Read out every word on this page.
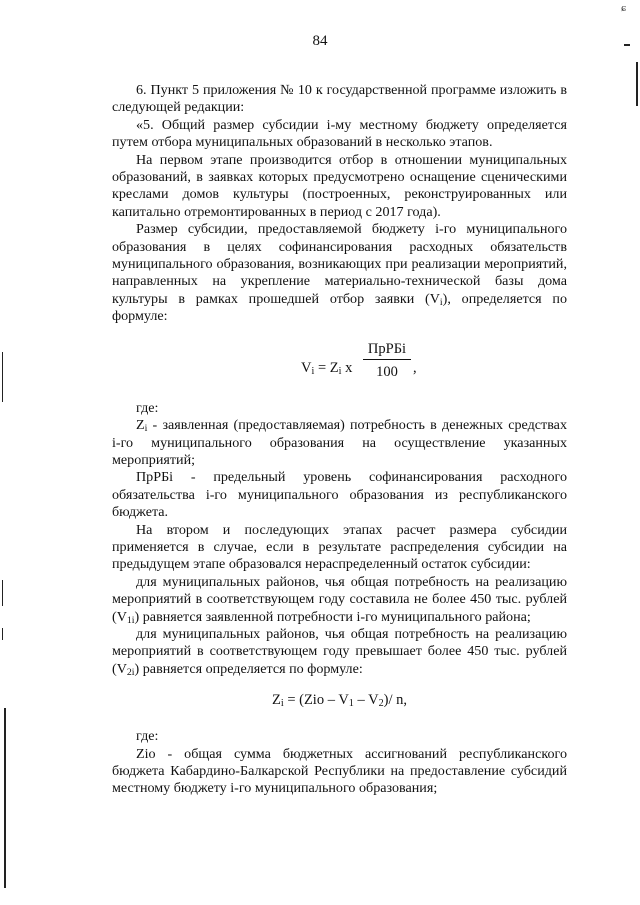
84
ɕ

6. Пункт 5 приложения № 10 к государственной программе изложить в следующей редакции:

«5. Общий размер субсидии i-му местному бюджету определяется путем отбора муниципальных образований в несколько этапов.

На первом этапе производится отбор в отношении муниципальных образований, в заявках которых предусмотрено оснащение сценическими креслами домов культуры (построенных, реконструированных или капитально отремонтированных в период с 2017 года).

Размер субсидии, предоставляемой бюджету i-го муниципального образования в целях софинансирования расходных обязательств муниципального образования, возникающих при реализации мероприятий, направленных на укрепление материально-технической базы дома культуры в рамках прошедшей отбор заявки $(V_i)$, определяется по формуле:

$V_i = Z_i$ x
ПрРБi
100	,

где:

$Z_i$ - заявленная (предоставляемая) потребность в денежных средствах i-го муниципального образования на осуществление указанных мероприятий;

ПрРБi - предельный уровень софинансирования расходного обязательства i-го муниципального образования из республиканского бюджета.

На втором и последующих этапах расчет размера субсидии применяется в случае, если в результате распределения субсидии на предыдущем этапе образовался нераспределенный остаток субсидии:

для муниципальных районов, чья общая потребность на реализацию мероприятий в соответствующем году составила не более 450 тыс. рублей $(V_{1i})$ равняется заявленной потребности i-го муниципального района;

для муниципальных районов, чья общая потребность на реализацию мероприятий в соответствующем году превышает более 450 тыс. рублей $(V_{2i})$ равняется определяется по формуле:

$Z_i = (Zio - V_1 - V_2)/$ n,

где:

Zio - общая сумма бюджетных ассигнований республиканского бюджета Кабардино-Балкарской Республики на предоставление субсидий местному бюджету i-го муниципального образования;
